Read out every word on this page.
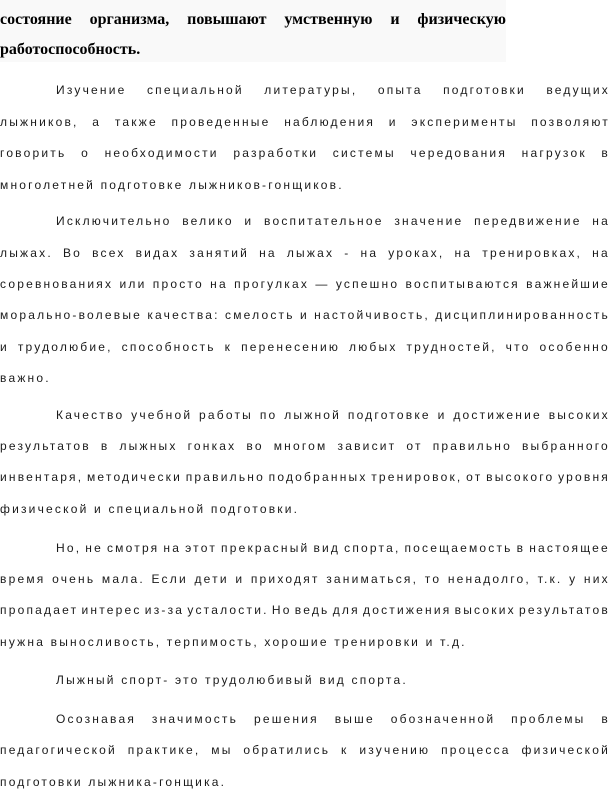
состояние организма, повышают умственную и физическую
работоспособность.
Изучение специальной литературы, опыта подготовки ведущих
лыжников, а также проведенные наблюдения и эксперименты позволяют
говорить о необходимости разработки системы чередования нагрузок в
многолетней подготовке лыжников-гонщиков.
Исключительно велико и воспитательное значение передвижение на
лыжах. Во всех видах занятий на лыжах - на уроках, на тренировках, на
соревнованиях или просто на прогулках — успешно воспитываются важнейшие
морально-волевые качества: смелость и настойчивость, дисциплинированность
и трудолюбие, способность к перенесению любых трудностей, что особенно
важно.
Качество учебной работы по лыжной подготовке и достижение высоких
результатов в лыжных гонках во многом зависит от правильно выбранного
инвентаря, методически правильно подобранных тренировок, от высокого уровня
физической и специальной подготовки.
Но, не смотря на этот прекрасный вид спорта, посещаемость в настоящее
время очень мала. Если дети и приходят заниматься, то ненадолго, т.к. у них
пропадает интерес из-за усталости. Но ведь для достижения высоких результатов
нужна выносливость, терпимость, хорошие тренировки и т.д.
Лыжный спорт- это трудолюбивый вид спорта.
Осознавая значимость решения выше обозначенной проблемы в
педагогической практике, мы обратились к изучению процесса физической
подготовки лыжника-гонщика.
